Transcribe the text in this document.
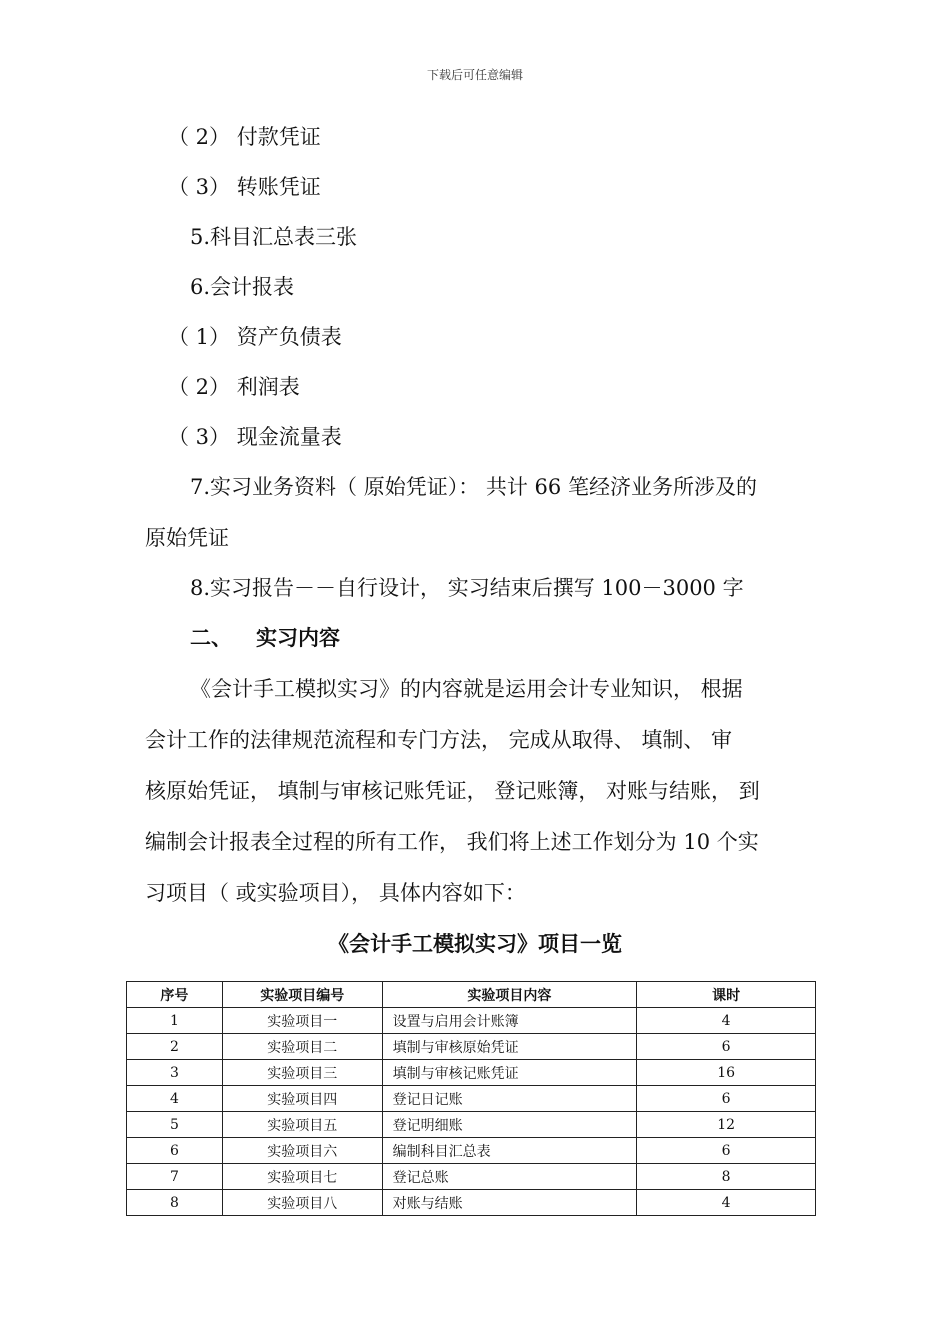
下载后可任意编辑
（ 2） 付款凭证
（ 3） 转账凭证
5.科目汇总表三张
6.会计报表
（ 1） 资产负债表
（ 2） 利润表
（ 3） 现金流量表
7.实习业务资料（ 原始凭证）： 共计 66 笔经济业务所涉及的
原始凭证
8.实习报告－－自行设计， 实习结束后撰写 100－3000 字
二、 实习内容
《会计手工模拟实习》的内容就是运用会计专业知识， 根据
会计工作的法律规范流程和专门方法， 完成从取得、 填制、 审
核原始凭证， 填制与审核记账凭证， 登记账簿， 对账与结账， 到
编制会计报表全过程的所有工作， 我们将上述工作划分为 10 个实
习项目（ 或实验项目）， 具体内容如下：
《会计手工模拟实习》项目一览
序号	实验项目编号	实验项目内容	课时
1	实验项目一	设置与启用会计账簿	4
2	实验项目二	填制与审核原始凭证	6
3	实验项目三	填制与审核记账凭证	16
4	实验项目四	登记日记账	6
5	实验项目五	登记明细账	12
6	实验项目六	编制科目汇总表	6
7	实验项目七	登记总账	8
8	实验项目八	对账与结账	4
